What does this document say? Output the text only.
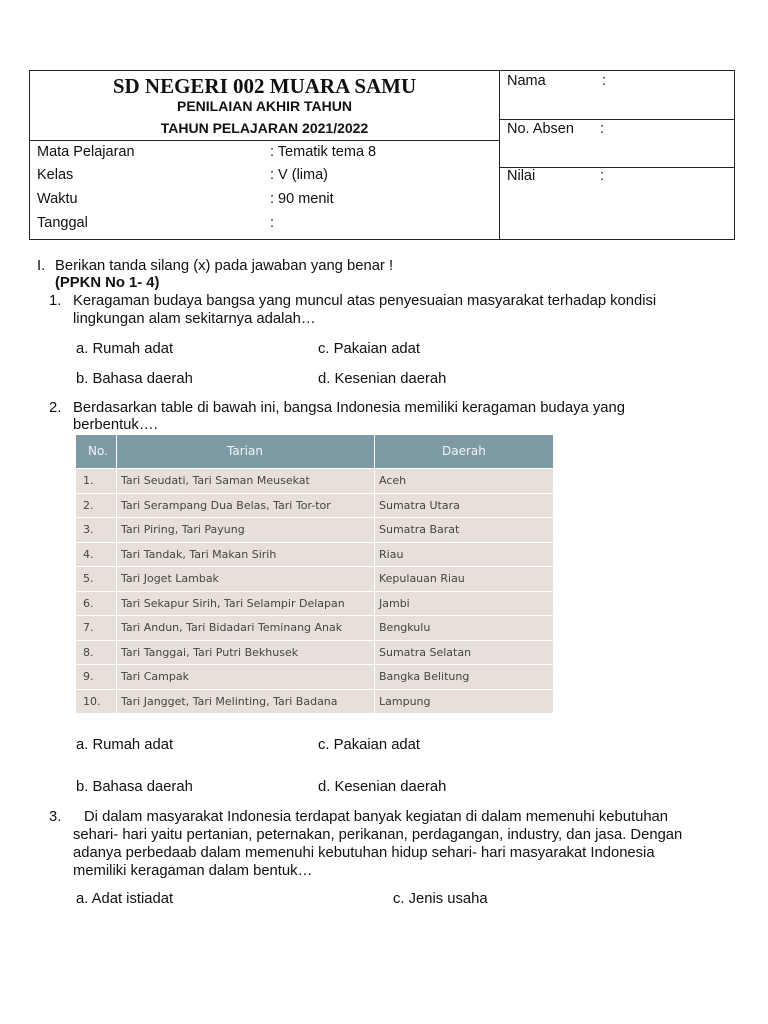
SD NEGERI 002 MUARA SAMU
PENILAIAN AKHIR TAHUN
TAHUN PELAJARAN 2021/2022
Mata Pelajaran	: Tematik tema 8
Kelas	: V (lima)
Waktu	: 90 menit
Tanggal	:
Nama	:
No. Absen :
Nilai	:
I. Berikan tanda silang (x) pada jawaban yang benar !
(PPKN No 1- 4)
1. Keragaman budaya bangsa yang muncul atas penyesuaian masyarakat terhadap kondisi
lingkungan alam sekitarnya adalah…
a. Rumah adat	c. Pakaian adat
b. Bahasa daerah	d. Kesenian daerah
2. Berdasarkan table di bawah ini, bangsa Indonesia memiliki keragaman budaya yang
berbentuk….
No.	Tarian	Daerah
1.	Tari Seudati, Tari Saman Meusekat	Aceh
2.	Tari Serampang Dua Belas, Tari Tor-tor	Sumatra Utara
3.	Tari Piring, Tari Payung	Sumatra Barat
4.	Tari Tandak, Tari Makan Sirih	Riau
5.	Tari Joget Lambak	Kepulauan Riau
6.	Tari Sekapur Sirih, Tari Selampir Delapan	Jambi
7.	Tari Andun, Tari Bidadari Teminang Anak	Bengkulu
8.	Tari Tanggai, Tari Putri Bekhusek	Sumatra Selatan
9.	Tari Campak	Bangka Belitung
10. Tari Jangget, Tari Melinting, Tari Badana	Lampung
a. Rumah adat	c. Pakaian adat
b. Bahasa daerah	d. Kesenian daerah
3. Di dalam masyarakat Indonesia terdapat banyak kegiatan di dalam memenuhi kebutuhan
sehari- hari yaitu pertanian, peternakan, perikanan, perdagangan, industry, dan jasa. Dengan
adanya perbedaab dalam memenuhi kebutuhan hidup sehari- hari masyarakat Indonesia
memiliki keragaman dalam bentuk…
a. Adat istiadat	c. Jenis usaha
